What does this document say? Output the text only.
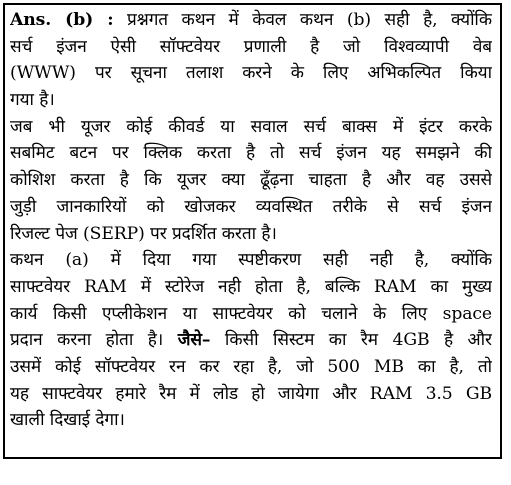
Ans. (b) : प्रश्नगत कथन में केवल कथन (b) सही है, क्योंकि
सर्च इंजन ऐसी सॉफ्टवेयर प्रणाली है जो विश्वव्यापी वेब
(WWW) पर सूचना तलाश करने के लिए अभिकल्पित किया
गया है।
जब भी यूजर कोई कीवर्ड या सवाल सर्च बाक्स में इंटर करके
सबमिट बटन पर क्लिक करता है तो सर्च इंजन यह समझने की
कोशिश करता है कि यूजर क्या ढूँढ़ना चाहता है और वह उससे
जुड़ी जानकारियों को खोजकर व्यवस्थित तरीके से सर्च इंजन
रिजल्ट पेज (SERP) पर प्रदर्शित करता है।
कथन (a) में दिया गया स्पष्टीकरण सही नही है, क्योंकि
साफ्टवेयर RAM में स्टोरेज नही होता है, बल्कि RAM का मुख्य
कार्य किसी एप्लीकेशन या साफ्टवेयर को चलाने के लिए space
प्रदान करना होता है। जैसे– किसी सिस्टम का रैम 4GB है और
उसमें कोई सॉफ्टवेयर रन कर रहा है, जो 500 MB का है, तो
यह साफ्टवेयर हमारे रैम में लोड हो जायेगा और RAM 3.5 GB
खाली दिखाई देगा।
